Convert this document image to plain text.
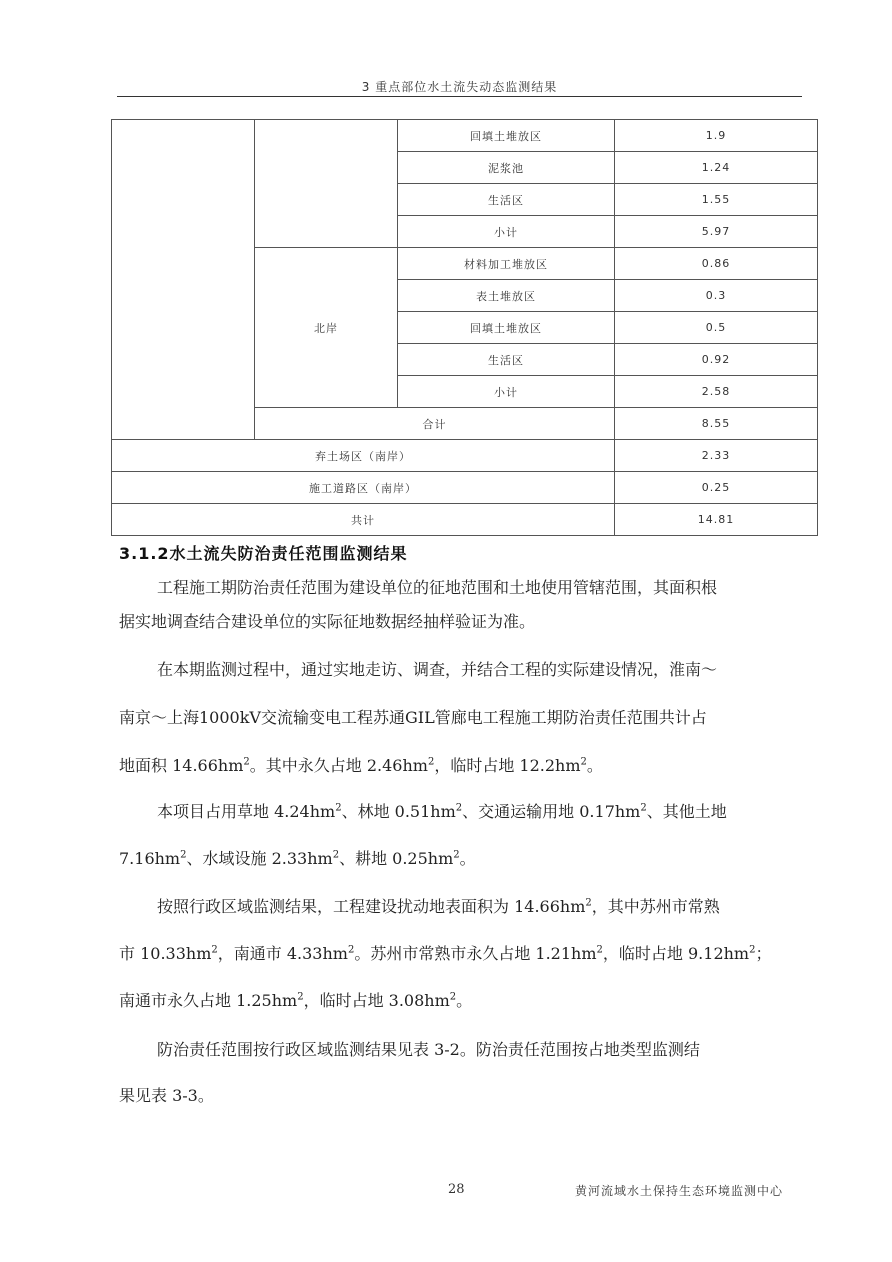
3 重点部位水土流失动态监测结果
		回填土堆放区	1.9
		泥浆池	1.24
		生活区	1.55
		小计	5.97
	北岸	材料加工堆放区	0.86
		表土堆放区	0.3
		回填土堆放区	0.5
		生活区	0.92
		小计	2.58
	合计		8.55
弃土场区（南岸）			2.33
施工道路区（南岸）			0.25
共计			14.81
3.1.2水土流失防治责任范围监测结果
工程施工期防治责任范围为建设单位的征地范围和土地使用管辖范围，其面积根
据实地调查结合建设单位的实际征地数据经抽样验证为准。
在本期监测过程中，通过实地走访、调查，并结合工程的实际建设情况，淮南～
南京～上海1000kV交流输变电工程苏通GIL管廊电工程施工期防治责任范围共计占
地面积 $14.66hm^2$。其中永久占地 $2.46hm^2$，临时占地 $12.2hm^2$。
本项目占用草地 $4.24hm^2$、林地 $0.51hm^2$、交通运输用地 $0.17hm^2$、其他土地
$7.16hm^2$、水域设施 $2.33hm^2$、耕地 $0.25hm^2$。
按照行政区域监测结果，工程建设扰动地表面积为 $14.66hm^2$，其中苏州市常熟
市 $10.33hm^2$，南通市 $4.33hm^2$。苏州市常熟市永久占地 $1.21hm^2$，临时占地 $9.12hm^2$；
南通市永久占地 $1.25hm^2$，临时占地 $3.08hm^2$。
防治责任范围按行政区域监测结果见表 3-2。防治责任范围按占地类型监测结
果见表 3-3。
28	黄河流域水土保持生态环境监测中心
